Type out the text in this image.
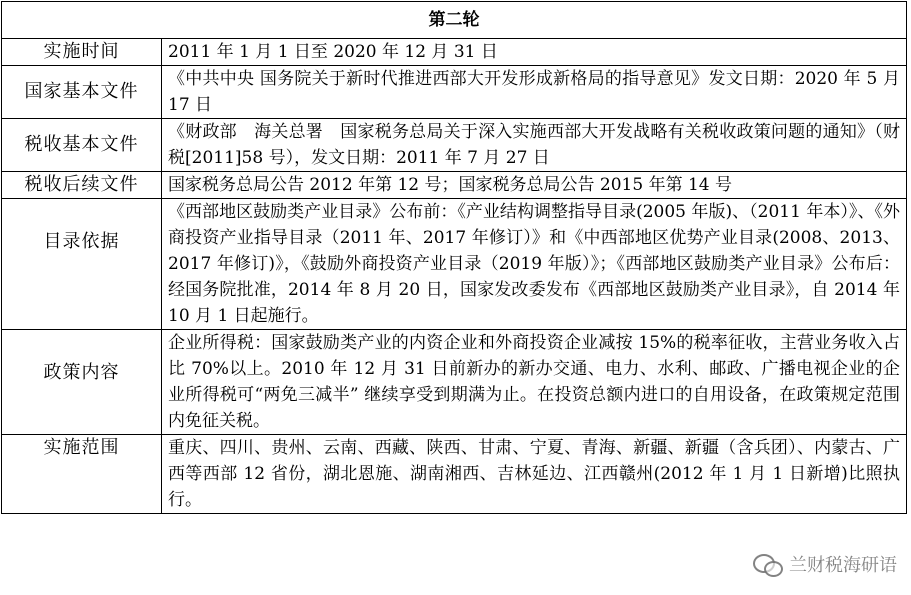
第二轮	
实施时间	2011 年 1 月 1 日至 2020 年 12 月 31 日
国家基本文件	《中共中央 国务院关于新时代推进西部大开发形成新格局的指导意见》发文日期：2020 年 5 月 17 日
税收基本文件	《财政部　海关总署　国家税务总局关于深入实施西部大开发战略有关税收政策问题的通知》（财税[2011]58 号），发文日期：2011 年 7 月 27 日
税收后续文件	国家税务总局公告 2012 年第 12 号；国家税务总局公告 2015 年第 14 号
目录依据	《西部地区鼓励类产业目录》公布前：《产业结构调整指导目录(2005 年版)、（2011 年本）》、《外商投资产业指导目录（2011 年、2017 年修订）》和《中西部地区优势产业目录(2008、2013、2017 年修订)》，《鼓励外商投资产业目录（2019 年版）》；《西部地区鼓励类产业目录》公布后：经国务院批准，2014 年 8 月 20 日，国家发改委发布《西部地区鼓励类产业目录》，自 2014 年 10 月 1 日起施行。
政策内容	企业所得税：国家鼓励类产业的内资企业和外商投资企业减按 15%的税率征收，主营业务收入占比 70%以上。2010 年 12 月 31 日前新办的新办交通、电力、水利、邮政、广播电视企业的企业所得税可“两免三减半” 继续享受到期满为止。在投资总额内进口的自用设备，在政策规定范围内免征关税。
实施范围	重庆、四川、贵州、云南、西藏、陕西、甘肃、宁夏、青海、新疆、新疆（含兵团）、内蒙古、广西等西部 12 省份，湖北恩施、湖南湘西、吉林延边、江西赣州(2012 年 1 月 1 日新增)比照执行。
兰财税海研语
